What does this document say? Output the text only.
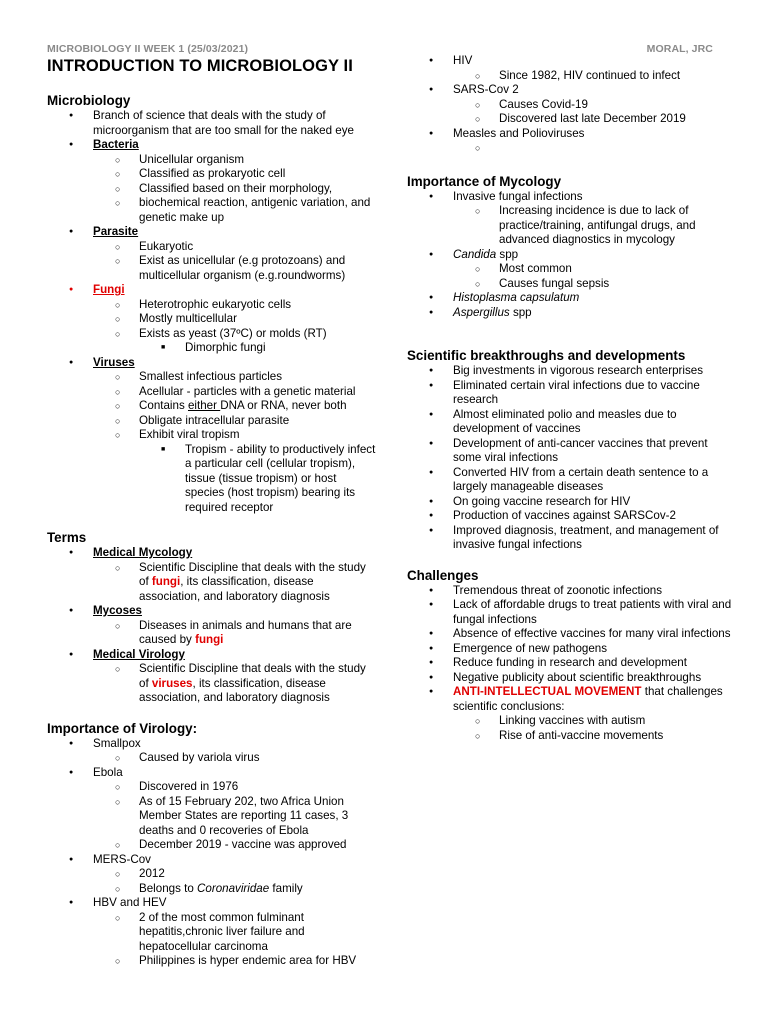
MICROBIOLOGY II WEEK 1 (25/03/2021)	MORAL, JRC
INTRODUCTION TO MICROBIOLOGY II
Microbiology
● Branch of science that deals with the study of microorganism that are too small for the naked eye
● Bacteria
○ Unicellular organism
○ Classified as prokaryotic cell
○ Classified based on their morphology,
○ biochemical reaction, antigenic variation, and genetic make up
● Parasite
○ Eukaryotic
○ Exist as unicellular (e.g protozoans) and multicellular organism (e.g.roundworms)
● Fungi
○ Heterotrophic eukaryotic cells
○ Mostly multicellular
○ Exists as yeast (37ºC) or molds (RT)
■ Dimorphic fungi
● Viruses
○ Smallest infectious particles
○ Acellular - particles with a genetic material
○ Contains either DNA or RNA, never both
○ Obligate intracellular parasite
○ Exhibit viral tropism
■ Tropism - ability to productively infect a particular cell (cellular tropism), tissue (tissue tropism) or host species (host tropism) bearing its required receptor
Terms
● Medical Mycology
○ Scientific Discipline that deals with the study of fungi, its classification, disease association, and laboratory diagnosis
● Mycoses
○ Diseases in animals and humans that are caused by fungi
● Medical Virology
○ Scientific Discipline that deals with the study of viruses, its classification, disease association, and laboratory diagnosis
Importance of Virology:
● Smallpox
○ Caused by variola virus
● Ebola
○ Discovered in 1976
○ As of 15 February 202, two Africa Union Member States are reporting 11 cases, 3 deaths and 0 recoveries of Ebola
○ December 2019 - vaccine was approved
● MERS-Cov
○ 2012
○ Belongs to Coronaviridae family
● HBV and HEV
○ 2 of the most common fulminant hepatitis,chronic liver failure and hepatocellular carcinoma
○ Philippines is hyper endemic area for HBV
● HIV
○ Since 1982, HIV continued to infect
● SARS-Cov 2
○ Causes Covid-19
○ Discovered last late December 2019
● Measles and Polioviruses
○
Importance of Mycology
● Invasive fungal infections
○ Increasing incidence is due to lack of practice/training, antifungal drugs, and advanced diagnostics in mycology
● Candida spp
○ Most common
○ Causes fungal sepsis
● Histoplasma capsulatum
● Aspergillus spp
Scientific breakthroughs and developments
● Big investments in vigorous research enterprises
● Eliminated certain viral infections due to vaccine research
● Almost eliminated polio and measles due to development of vaccines
● Development of anti-cancer vaccines that prevent some viral infections
● Converted HIV from a certain death sentence to a largely manageable diseases
● On going vaccine research for HIV
● Production of vaccines against SARSCov-2
● Improved diagnosis, treatment, and management of invasive fungal infections
Challenges
● Tremendous threat of zoonotic infections
● Lack of affordable drugs to treat patients with viral and fungal infections
● Absence of effective vaccines for many viral infections
● Emergence of new pathogens
● Reduce funding in research and development
● Negative publicity about scientific breakthroughs
● ANTI-INTELLECTUAL MOVEMENT that challenges scientific conclusions:
○ Linking vaccines with autism
○ Rise of anti-vaccine movements
